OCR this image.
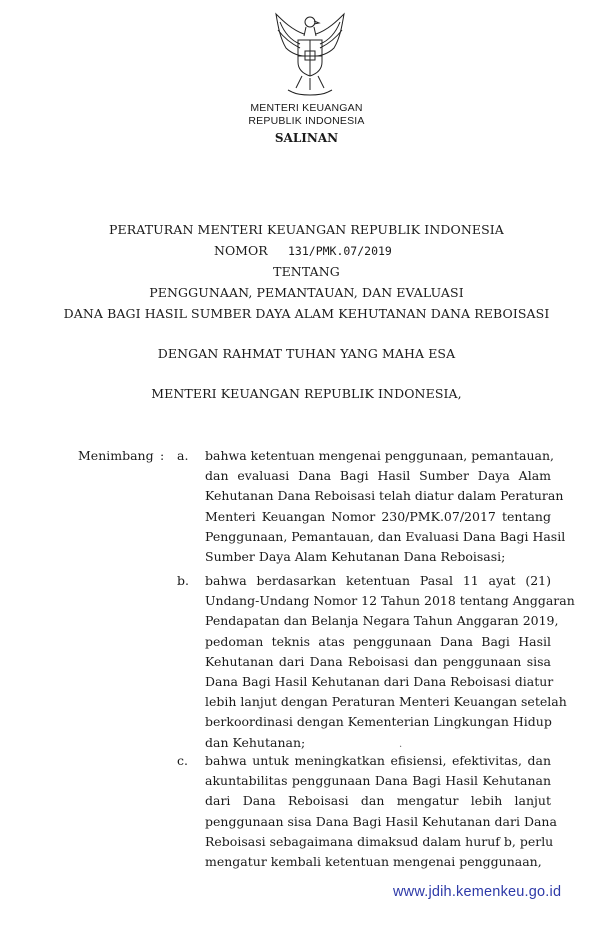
MENTERI KEUANGAN
REPUBLIK INDONESIA
SALINAN
PERATURAN MENTERI KEUANGAN REPUBLIK INDONESIA
NOMOR 131/PMK.07/2019
TENTANG
PENGGUNAAN, PEMANTAUAN, DAN EVALUASI
DANA BAGI HASIL SUMBER DAYA ALAM KEHUTANAN DANA REBOISASI
DENGAN RAHMAT TUHAN YANG MAHA ESA
MENTERI KEUANGAN REPUBLIK INDONESIA,
Menimbang : a. bahwa ketentuan mengenai penggunaan, pemantauan,
dan evaluasi Dana Bagi Hasil Sumber Daya Alam
Kehutanan Dana Reboisasi telah diatur dalam Peraturan
Menteri Keuangan Nomor 230/PMK.07/2017 tentang
Penggunaan, Pemantauan, dan Evaluasi Dana Bagi Hasil
Sumber Daya Alam Kehutanan Dana Reboisasi;
b. bahwa berdasarkan ketentuan Pasal 11 ayat (21)
Undang-Undang Nomor 12 Tahun 2018 tentang Anggaran
Pendapatan dan Belanja Negara Tahun Anggaran 2019,
pedoman teknis atas penggunaan Dana Bagi Hasil
Kehutanan dari Dana Reboisasi dan penggunaan sisa
Dana Bagi Hasil Kehutanan dari Dana Reboisasi diatur
lebih lanjut dengan Peraturan Menteri Keuangan setelah
berkoordinasi dengan Kementerian Lingkungan Hidup
dan Kehutanan;
c. bahwa untuk meningkatkan efisiensi, efektivitas, dan
akuntabilitas penggunaan Dana Bagi Hasil Kehutanan
dari Dana Reboisasi dan mengatur lebih lanjut
penggunaan sisa Dana Bagi Hasil Kehutanan dari Dana
Reboisasi sebagaimana dimaksud dalam huruf b, perlu
mengatur kembali ketentuan mengenai penggunaan,
.
www.jdih.kemenkeu.go.id
